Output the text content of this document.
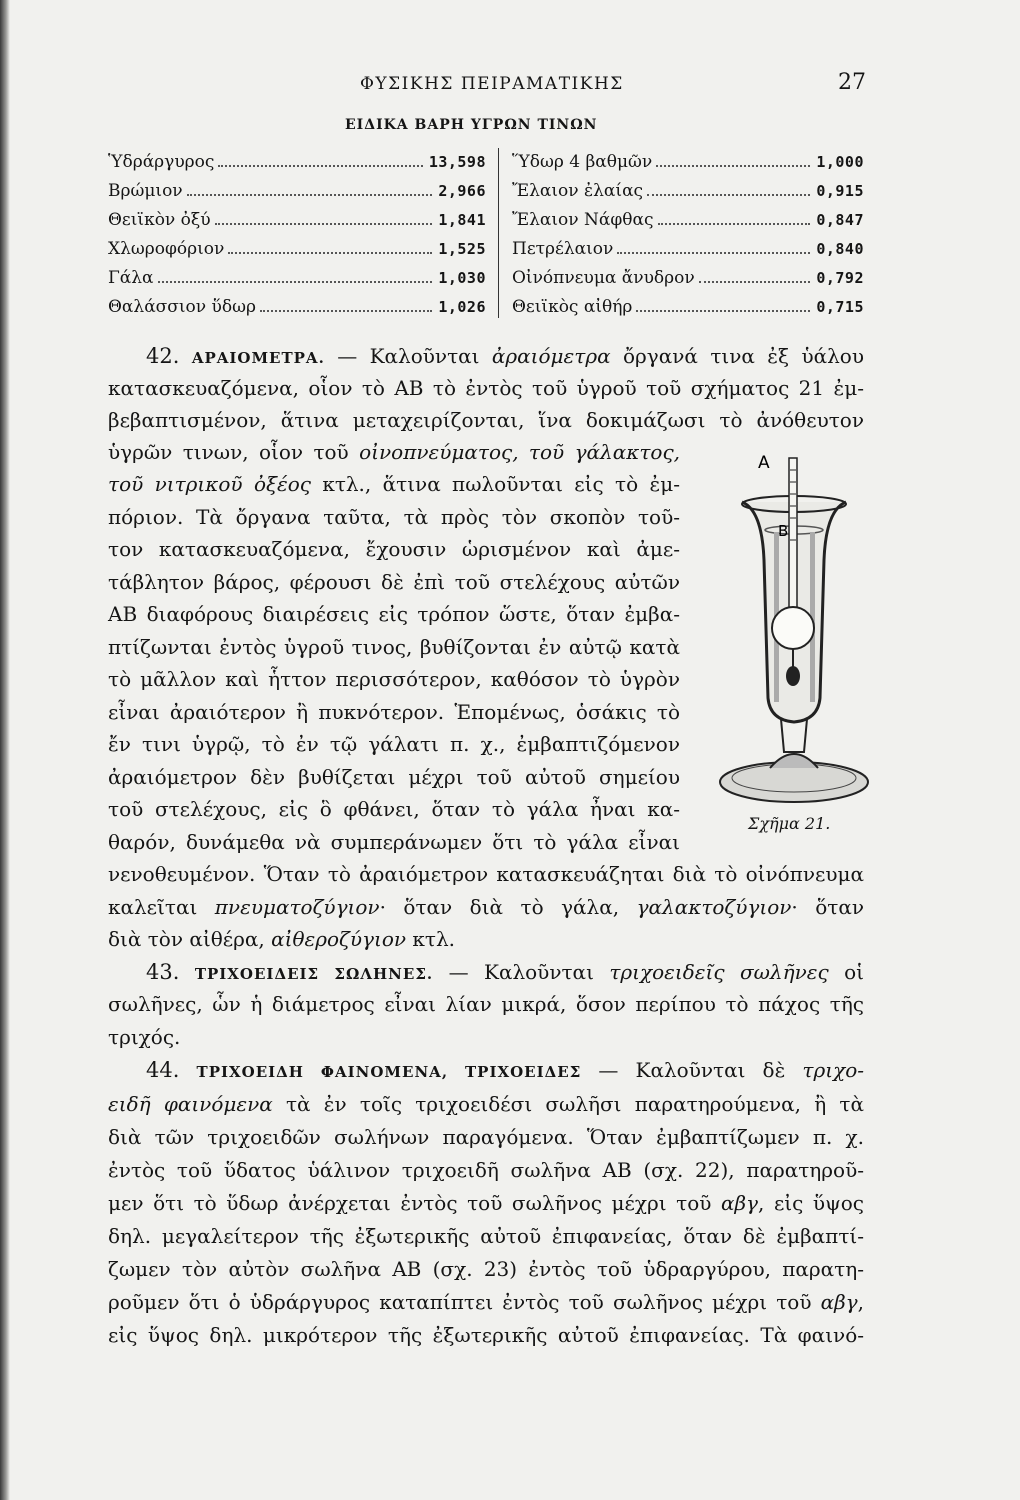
ΦΥΣΙΚΗΣ ΠΕΙΡΑΜΑΤΙΚΗΣ	27
ΕΙΔΙΚΑ ΒΑΡΗ ΥΓΡΩΝ ΤΙΝΩΝ
Ὑδράργυρος	13,598
Βρώμιον	2,966
Θειϊκὸν ὀξύ	1,841
Χλωροφόριον	1,525
Γάλα	1,030
Θαλάσσιον ὕδωρ	1,026
Ὕδωρ 4 βαθμῶν	1,000
Ἔλαιον ἐλαίας	0,915
Ἔλαιον Νάφθας	0,847
Πετρέλαιον	0,840
Οἰνόπνευμα ἄνυδρον	0,792
Θειϊκὸς αἰθήρ	0,715
42. ΑΡΑΙΟΜΕΤΡΑ. — Καλοῦνται ἀραιόμετρα ὄργανά τινα ἐξ ὑάλου
κατασκευαζόμενα, οἷον τὸ ΑΒ τὸ ἐντὸς τοῦ ὑγροῦ τοῦ σχήματος 21 ἐμ-
βεβαπτισμένον, ἅτινα μεταχειρίζονται, ἵνα δοκιμάζωσι τὸ ἀνόθευτον
ὑγρῶν τινων, οἷον τοῦ οἰνοπνεύματος, τοῦ γάλακτος,
τοῦ νιτρικοῦ ὀξέος κτλ., ἅτινα πωλοῦνται εἰς τὸ ἐμ-
πόριον. Τὰ ὄργανα ταῦτα, τὰ πρὸς τὸν σκοπὸν τοῦ-
τον κατασκευαζόμενα, ἔχουσιν ὡρισμένον καὶ ἀμε-
τάβλητον βάρος, φέρουσι δὲ ἐπὶ τοῦ στελέχους αὐτῶν
ΑΒ διαφόρους διαιρέσεις εἰς τρόπον ὥστε, ὅταν ἐμβα-
πτίζωνται ἐντὸς ὑγροῦ τινος, βυθίζονται ἐν αὐτῷ κατὰ
τὸ μᾶλλον καὶ ἧττον περισσότερον, καθόσον τὸ ὑγρὸν
εἶναι ἀραιότερον ἢ πυκνότερον. Ἑπομένως, ὁσάκις τὸ
ἔν τινι ὑγρῷ, τὸ ἐν τῷ γάλατι π. χ., ἐμβαπτιζόμενον
ἀραιόμετρον δὲν βυθίζεται μέχρι τοῦ αὐτοῦ σημείου
τοῦ στελέχους, εἰς ὃ φθάνει, ὅταν τὸ γάλα ἦναι κα-
θαρόν, δυνάμεθα νὰ συμπεράνωμεν ὅτι τὸ γάλα εἶναι
νενοθευμένον. Ὅταν τὸ ἀραιόμετρον κατασκευάζηται διὰ τὸ οἰνόπνευμα
καλεῖται πνευματοζύγιον· ὅταν διὰ τὸ γάλα, γαλακτοζύγιον· ὅταν
διὰ τὸν αἰθέρα, αἰθεροζύγιον κτλ.
A
B
Σχῆμα 21.
43. ΤΡΙΧΟΕΙΔΕΙΣ ΣΩΛΗΝΕΣ. — Καλοῦνται τριχοειδεῖς σωλῆνες οἱ
σωλῆνες, ὧν ἡ διάμετρος εἶναι λίαν μικρά, ὅσον περίπου τὸ πάχος τῆς
τριχός.
44. ΤΡΙΧΟΕΙΔΗ ΦΑΙΝΟΜΕΝΑ, ΤΡΙΧΟΕΙΔΕΣ — Καλοῦνται δὲ τριχο-
ειδῆ φαινόμενα τὰ ἐν τοῖς τριχοειδέσι σωλῆσι παρατηρούμενα, ἢ τὰ
διὰ τῶν τριχοειδῶν σωλήνων παραγόμενα. Ὅταν ἐμβαπτίζωμεν π. χ.
ἐντὸς τοῦ ὕδατος ὑάλινον τριχοειδῆ σωλῆνα ΑΒ (σχ. 22), παρατηροῦ-
μεν ὅτι τὸ ὕδωρ ἀνέρχεται ἐντὸς τοῦ σωλῆνος μέχρι τοῦ αβγ, εἰς ὕψος
δηλ. μεγαλείτερον τῆς ἐξωτερικῆς αὐτοῦ ἐπιφανείας, ὅταν δὲ ἐμβαπτί-
ζωμεν τὸν αὐτὸν σωλῆνα ΑΒ (σχ. 23) ἐντὸς τοῦ ὑδραργύρου, παρατη-
ροῦμεν ὅτι ὁ ὑδράργυρος καταπίπτει ἐντὸς τοῦ σωλῆνος μέχρι τοῦ αβγ,
εἰς ὕψος δηλ. μικρότερον τῆς ἐξωτερικῆς αὐτοῦ ἐπιφανείας. Τὰ φαινό-
